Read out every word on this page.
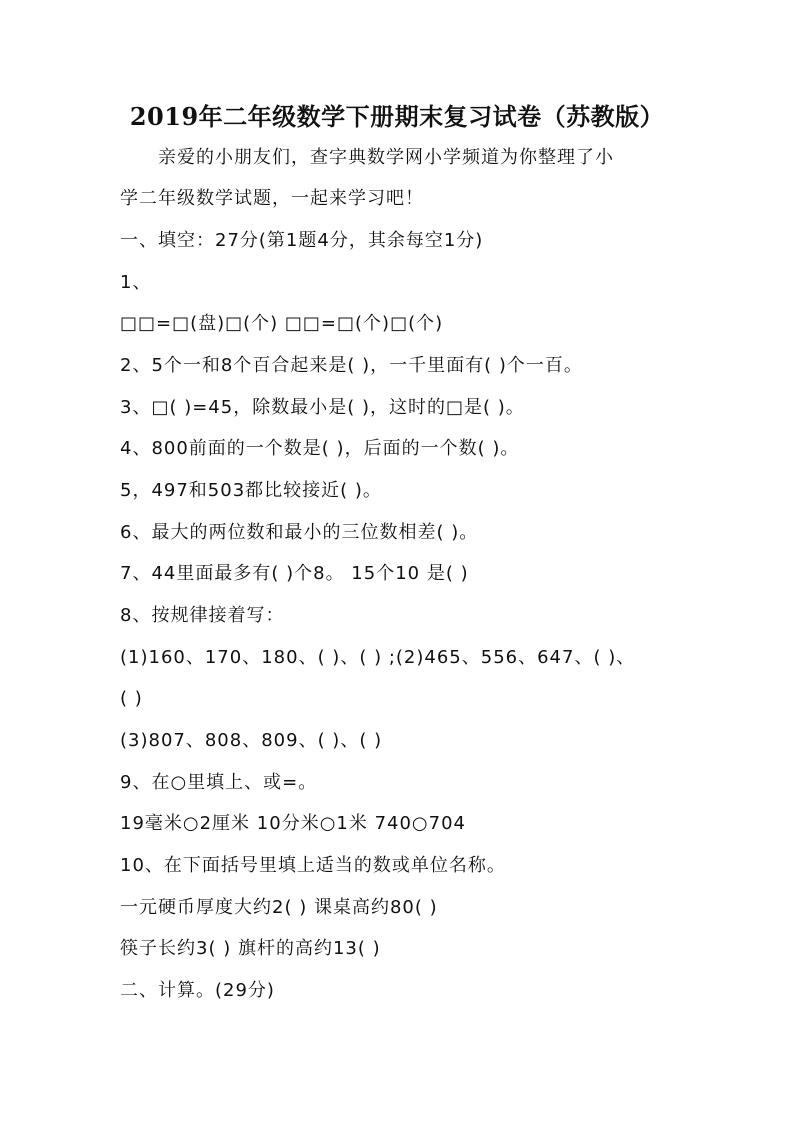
2019年二年级数学下册期末复习试卷（苏教版）
亲爱的小朋友们，查字典数学网小学频道为你整理了小
学二年级数学试题，一起来学习吧！
一、填空：27分(第1题4分，其余每空1分)
1、
□□=□(盘)□(个) □□=□(个)□(个)
2、5个一和8个百合起来是( )，一千里面有( )个一百。
3、□( )=45，除数最小是( )，这时的□是( )。
4、800前面的一个数是( )，后面的一个数( )。
5，497和503都比较接近( )。
6、最大的两位数和最小的三位数相差( )。
7、44里面最多有( )个8。 15个10 是( )
8、按规律接着写：
(1)160、170、180、( )、( ) ;(2)465、556、647、( )、
( )
(3)807、808、809、( )、( )
9、在○里填上、或=。
19毫米○2厘米 10分米○1米 740○704
10、在下面括号里填上适当的数或单位名称。
一元硬币厚度大约2( ) 课桌高约80( )
筷子长约3( ) 旗杆的高约13( )
二、计算。(29分)
